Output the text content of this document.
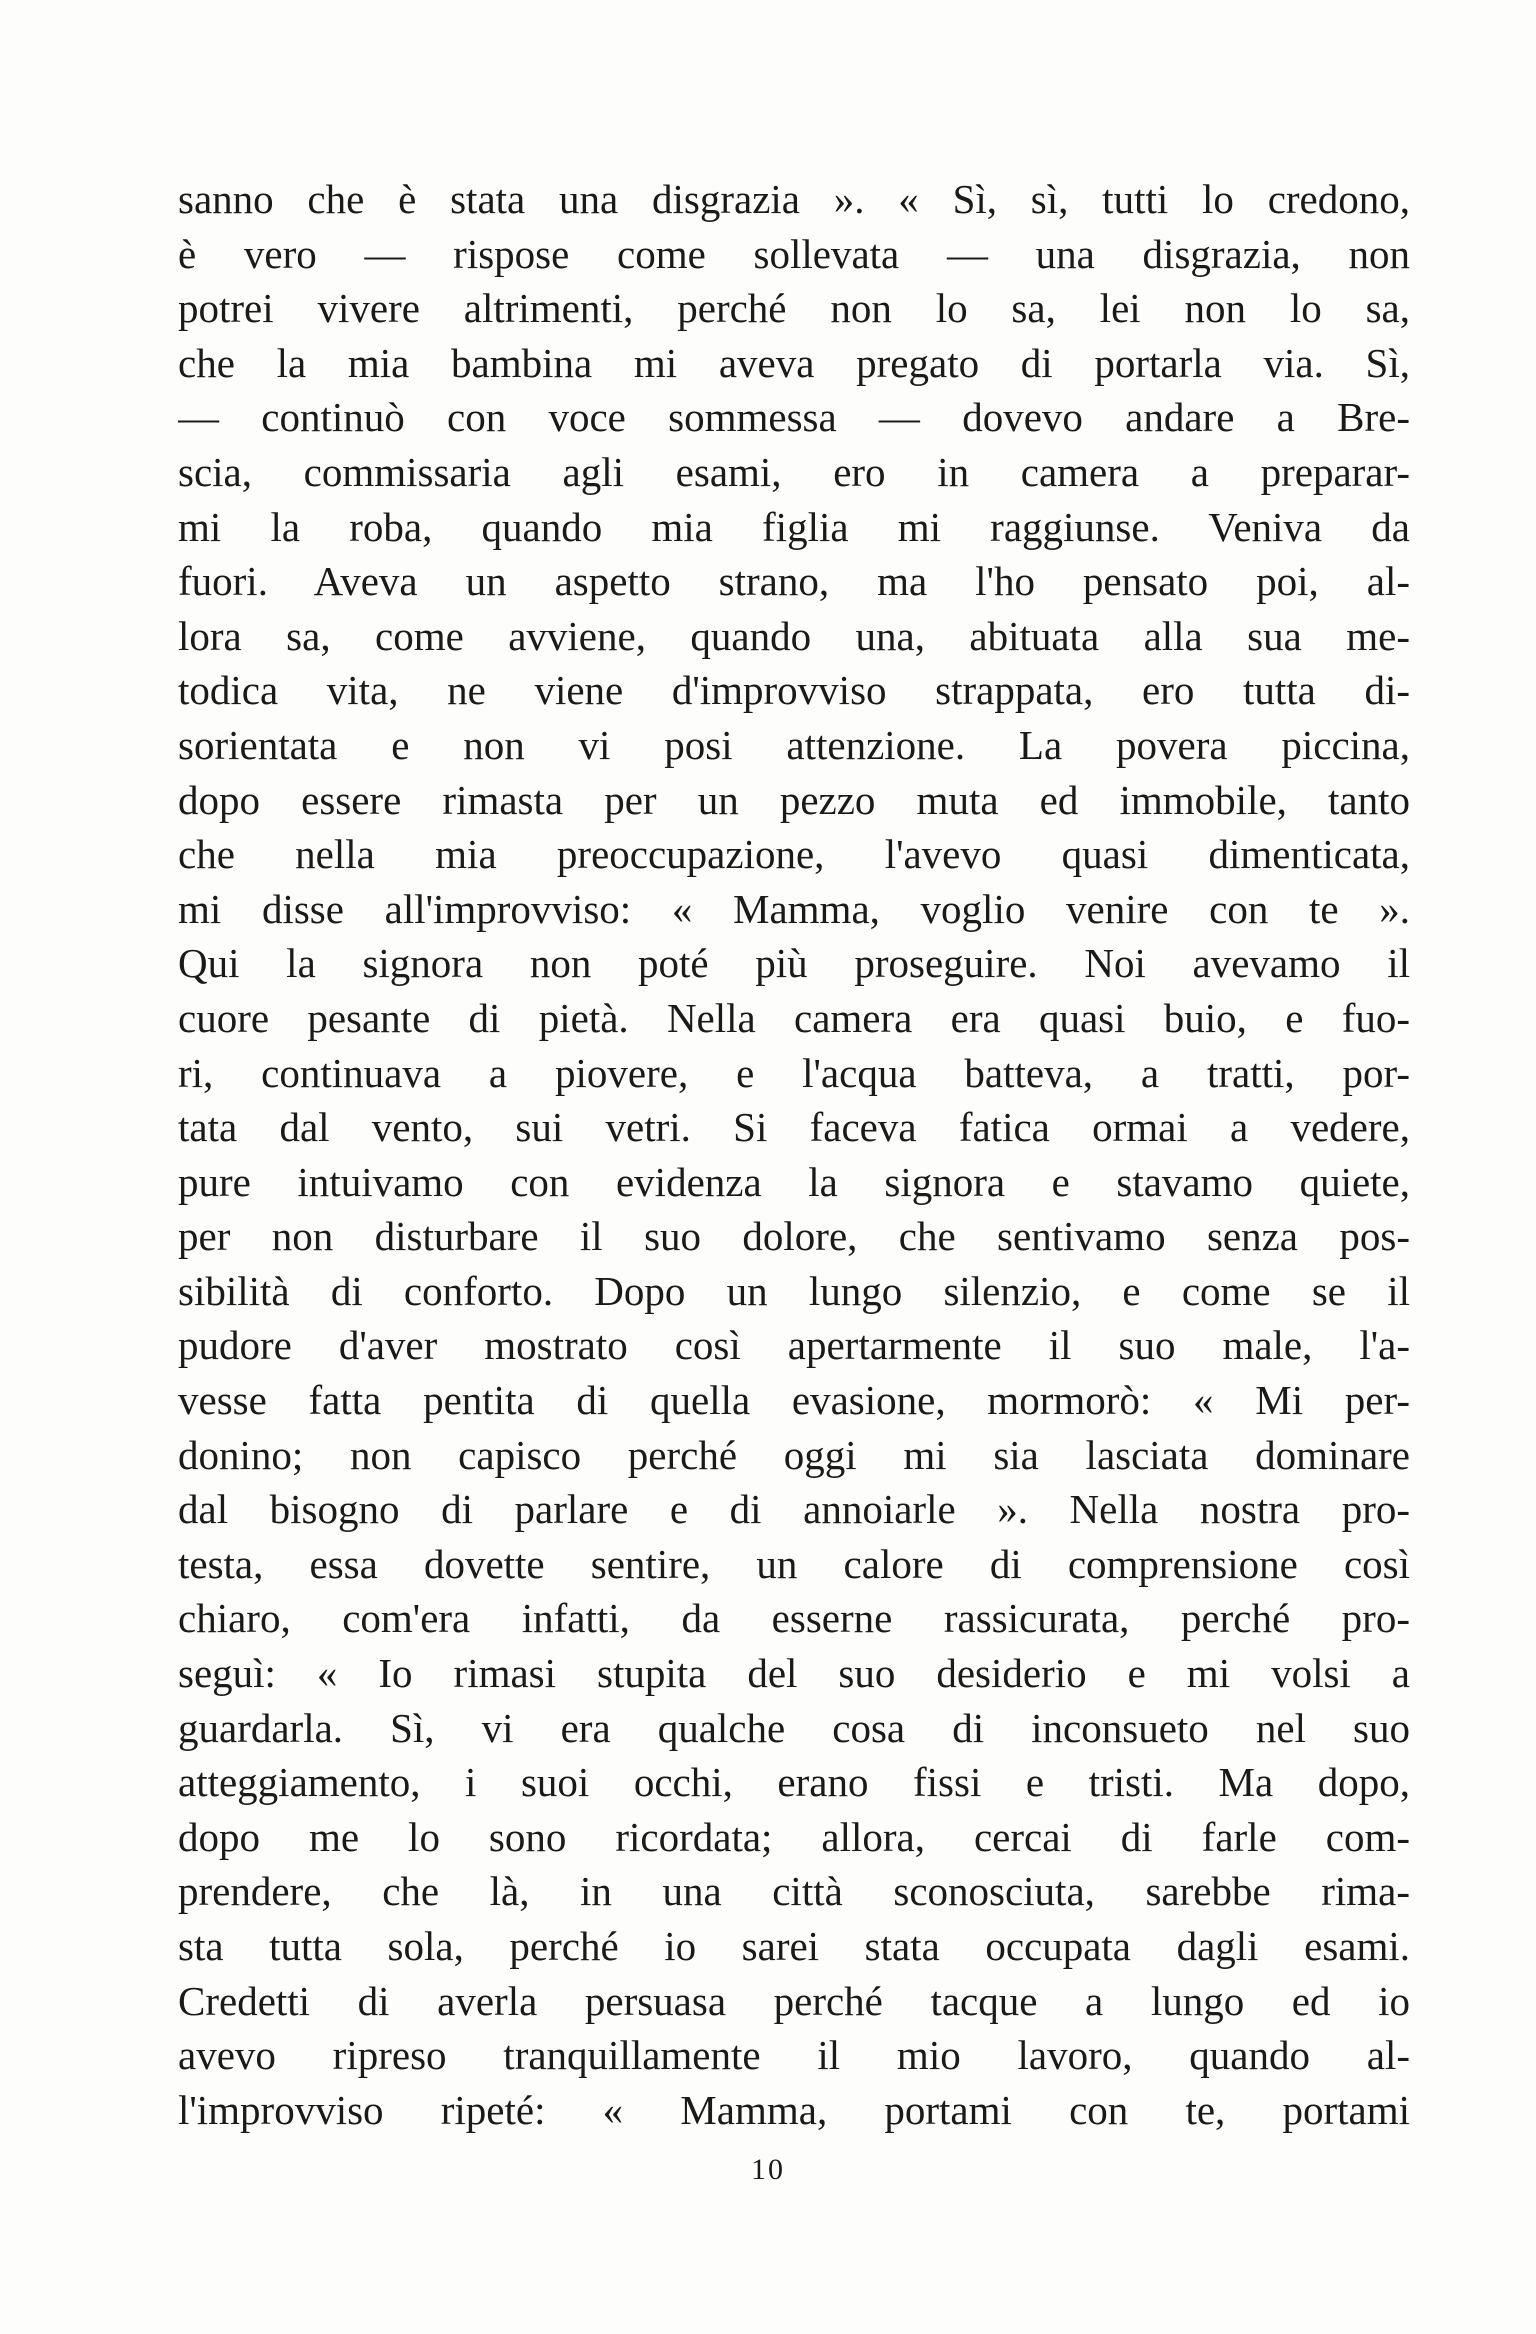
sanno che è stata una disgrazia ». « Sì, sì, tutti lo credono,
è vero — rispose come sollevata — una disgrazia, non
potrei vivere altrimenti, perché non lo sa, lei non lo sa,
che la mia bambina mi aveva pregato di portarla via. Sì,
— continuò con voce sommessa — dovevo andare a Bre-
scia, commissaria agli esami, ero in camera a preparar-
mi la roba, quando mia figlia mi raggiunse. Veniva da
fuori. Aveva un aspetto strano, ma l'ho pensato poi, al-
lora sa, come avviene, quando una, abituata alla sua me-
todica vita, ne viene d'improvviso strappata, ero tutta di-
sorientata e non vi posi attenzione. La povera piccina,
dopo essere rimasta per un pezzo muta ed immobile, tanto
che nella mia preoccupazione, l'avevo quasi dimenticata,
mi disse all'improvviso: « Mamma, voglio venire con te ».
Qui la signora non poté più proseguire. Noi avevamo il
cuore pesante di pietà. Nella camera era quasi buio, e fuo-
ri, continuava a piovere, e l'acqua batteva, a tratti, por-
tata dal vento, sui vetri. Si faceva fatica ormai a vedere,
pure intuivamo con evidenza la signora e stavamo quiete,
per non disturbare il suo dolore, che sentivamo senza pos-
sibilità di conforto. Dopo un lungo silenzio, e come se il
pudore d'aver mostrato così apertarmente il suo male, l'a-
vesse fatta pentita di quella evasione, mormorò: « Mi per-
donino; non capisco perché oggi mi sia lasciata dominare
dal bisogno di parlare e di annoiarle ». Nella nostra pro-
testa, essa dovette sentire, un calore di comprensione così
chiaro, com'era infatti, da esserne rassicurata, perché pro-
seguì: « Io rimasi stupita del suo desiderio e mi volsi a
guardarla. Sì, vi era qualche cosa di inconsueto nel suo
atteggiamento, i suoi occhi, erano fissi e tristi. Ma dopo,
dopo me lo sono ricordata; allora, cercai di farle com-
prendere, che là, in una città sconosciuta, sarebbe rima-
sta tutta sola, perché io sarei stata occupata dagli esami.
Credetti di averla persuasa perché tacque a lungo ed io
avevo ripreso tranquillamente il mio lavoro, quando al-
l'improvviso ripeté: « Mamma, portami con te, portami
10
